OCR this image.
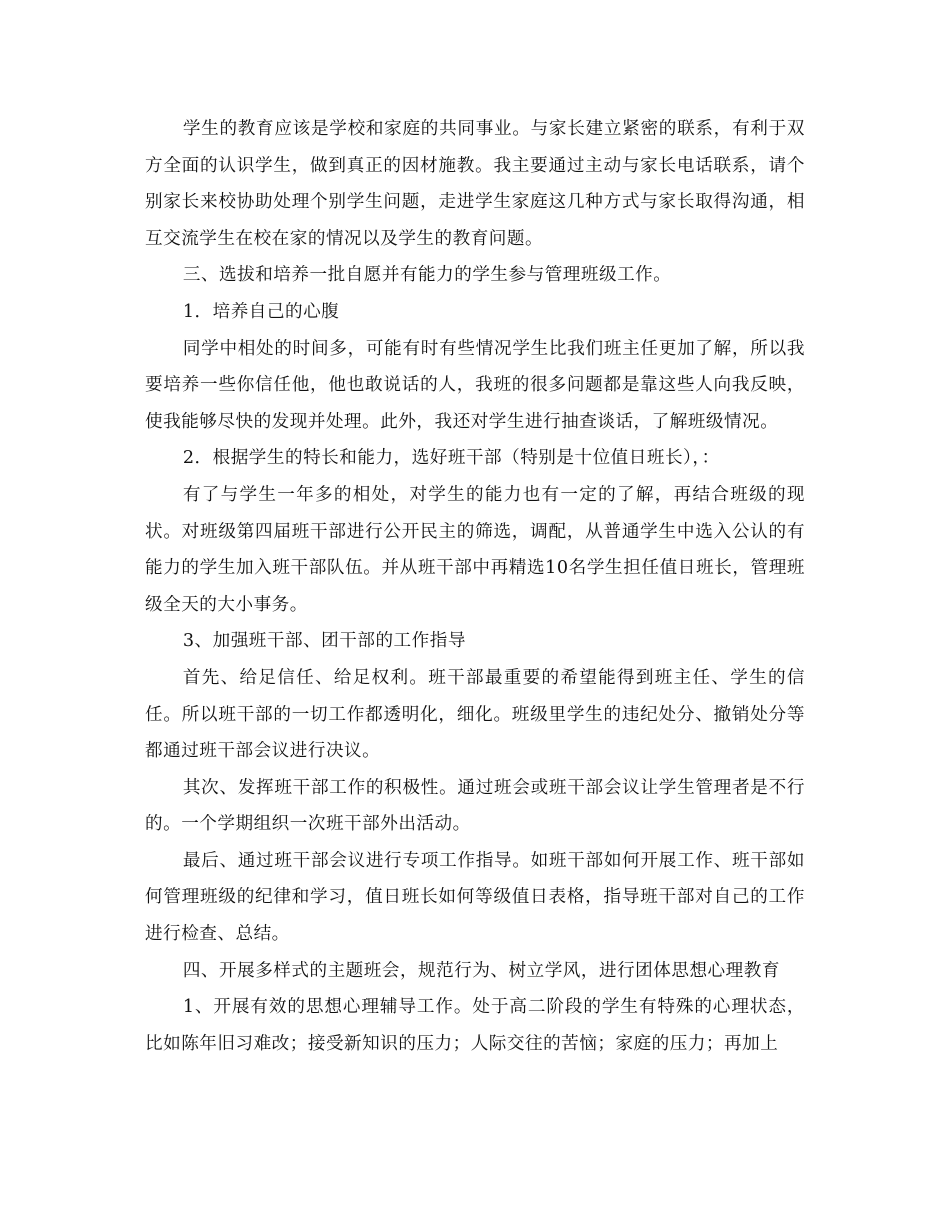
学生的教育应该是学校和家庭的共同事业。与家长建立紧密的联系，有利于双方全面的认识学生，做到真正的因材施教。我主要通过主动与家长电话联系，请个别家长来校协助处理个别学生问题，走进学生家庭这几种方式与家长取得沟通，相互交流学生在校在家的情况以及学生的教育问题。

三、选拔和培养一批自愿并有能力的学生参与管理班级工作。

1．培养自己的心腹

同学中相处的时间多，可能有时有些情况学生比我们班主任更加了解，所以我要培养一些你信任他，他也敢说话的人，我班的很多问题都是靠这些人向我反映，使我能够尽快的发现并处理。此外，我还对学生进行抽查谈话，了解班级情况。

2．根据学生的特长和能力，选好班干部（特别是十位值日班长），：

有了与学生一年多的相处，对学生的能力也有一定的了解，再结合班级的现状。对班级第四届班干部进行公开民主的筛选，调配，从普通学生中选入公认的有能力的学生加入班干部队伍。并从班干部中再精选10名学生担任值日班长，管理班级全天的大小事务。

3、加强班干部、团干部的工作指导

首先、给足信任、给足权利。班干部最重要的希望能得到班主任、学生的信任。所以班干部的一切工作都透明化，细化。班级里学生的违纪处分、撤销处分等都通过班干部会议进行决议。

其次、发挥班干部工作的积极性。通过班会或班干部会议让学生管理者是不行的。一个学期组织一次班干部外出活动。

最后、通过班干部会议进行专项工作指导。如班干部如何开展工作、班干部如何管理班级的纪律和学习，值日班长如何等级值日表格，指导班干部对自己的工作进行检查、总结。

四、开展多样式的主题班会，规范行为、树立学风，进行团体思想心理教育

1、开展有效的思想心理辅导工作。处于高二阶段的学生有特殊的心理状态，比如陈年旧习难改；接受新知识的压力；人际交往的苦恼；家庭的压力；再加上
